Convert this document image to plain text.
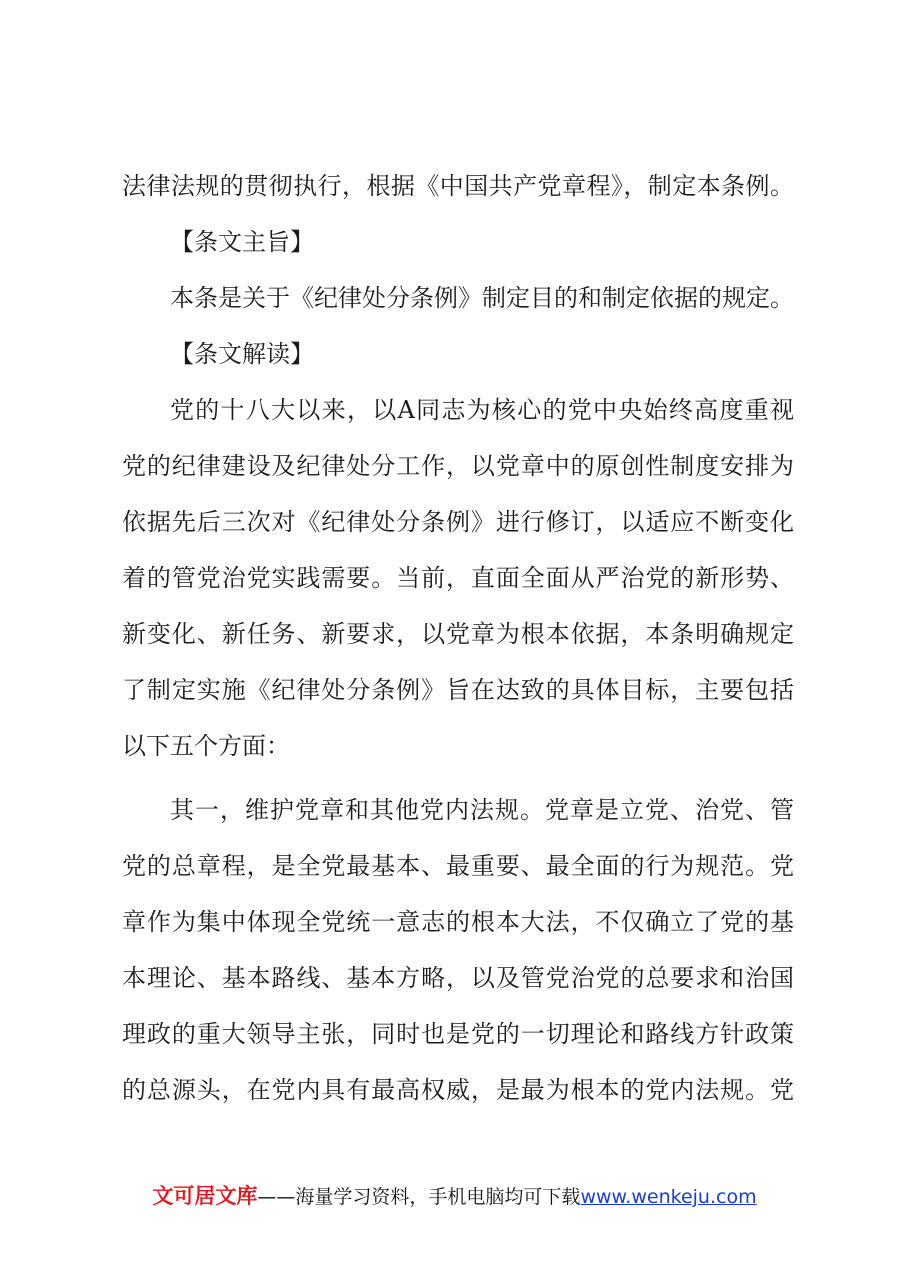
法律法规的贯彻执行，根据《中国共产党章程》，制定本条例。
【条文主旨】
本条是关于《纪律处分条例》制定目的和制定依据的规定。
【条文解读】
党的十八大以来，以A同志为核心的党中央始终高度重视
党的纪律建设及纪律处分工作，以党章中的原创性制度安排为
依据先后三次对《纪律处分条例》进行修订，以适应不断变化
着的管党治党实践需要。当前，直面全面从严治党的新形势、
新变化、新任务、新要求，以党章为根本依据，本条明确规定
了制定实施《纪律处分条例》旨在达致的具体目标，主要包括
以下五个方面：
其一，维护党章和其他党内法规。党章是立党、治党、管
党的总章程，是全党最基本、最重要、最全面的行为规范。党
章作为集中体现全党统一意志的根本大法，不仅确立了党的基
本理论、基本路线、基本方略，以及管党治党的总要求和治国
理政的重大领导主张，同时也是党的一切理论和路线方针政策
的总源头，在党内具有最高权威，是最为根本的党内法规。党
文可居文库——海量学习资料，手机电脑均可下载www.wenkeju.com
